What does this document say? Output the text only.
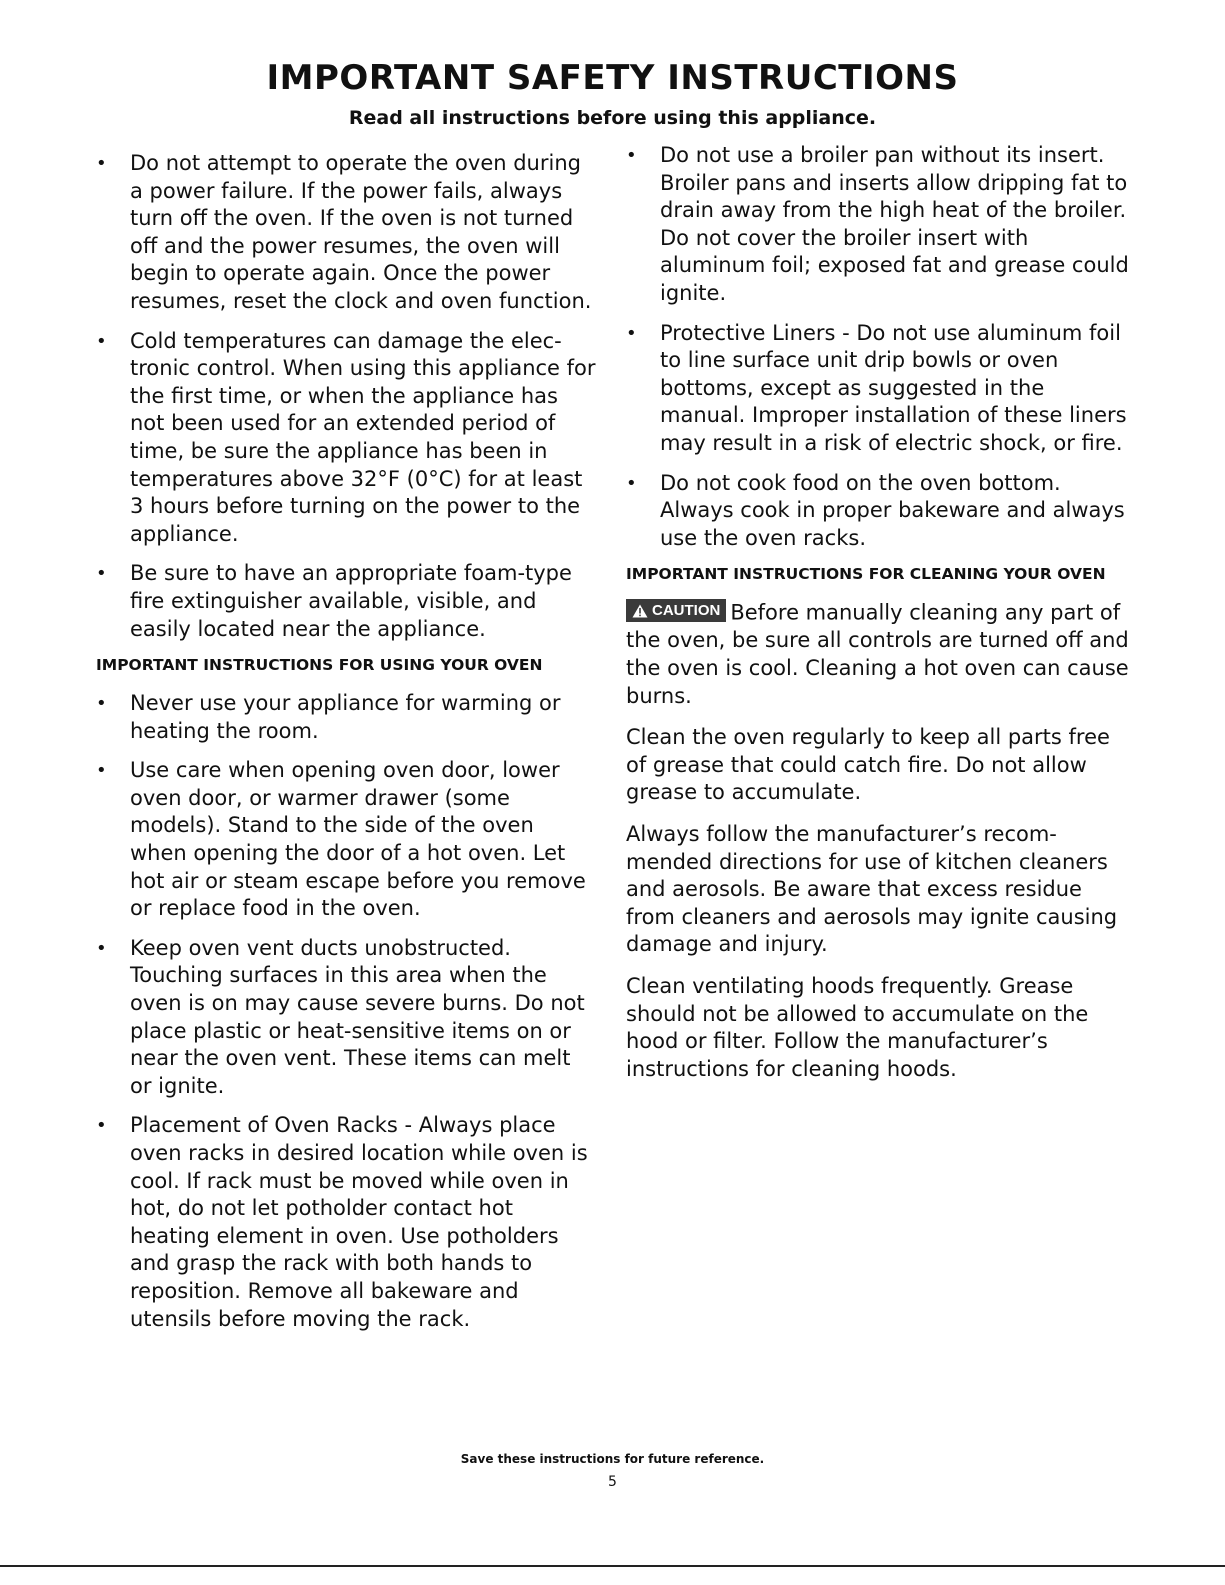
IMPORTANT SAFETY INSTRUCTIONS
Read all instructions before using this appliance.
• Do not attempt to operate the oven during a power failure. If the power fails, always turn off the oven. If the oven is not turned off and the power resumes, the oven will begin to operate again. Once the power resumes, reset the clock and oven function.
• Cold temperatures can damage the elec-tronic control. When using this appliance for the first time, or when the appliance has not been used for an extended period of time, be sure the appliance has been in temperatures above 32°F (0°C) for at least 3 hours before turning on the power to the appliance.
• Be sure to have an appropriate foam-type fire extinguisher available, visible, and easily located near the appliance.
IMPORTANT INSTRUCTIONS FOR USING YOUR OVEN
• Never use your appliance for warming or heating the room.
• Use care when opening oven door, lower oven door, or warmer drawer (some models). Stand to the side of the oven when opening the door of a hot oven. Let hot air or steam escape before you remove or replace food in the oven.
• Keep oven vent ducts unobstructed. Touching surfaces in this area when the oven is on may cause severe burns. Do not place plastic or heat-sensitive items on or near the oven vent. These items can melt or ignite.
• Placement of Oven Racks - Always place oven racks in desired location while oven is cool. If rack must be moved while oven in hot, do not let potholder contact hot heating element in oven. Use potholders and grasp the rack with both hands to reposition. Remove all bakeware and utensils before moving the rack.
• Do not use a broiler pan without its insert. Broiler pans and inserts allow dripping fat to drain away from the high heat of the broiler. Do not cover the broiler insert with aluminum foil; exposed fat and grease could ignite.
• Protective Liners - Do not use aluminum foil to line surface unit drip bowls or oven bottoms, except as suggested in the manual. Improper installation of these liners may result in a risk of electric shock, or fire.
• Do not cook food on the oven bottom. Always cook in proper bakeware and always use the oven racks.
IMPORTANT INSTRUCTIONS FOR CLEANING YOUR OVEN

CAUTION Before manually cleaning any part of the oven, be sure all controls are turned off and the oven is cool. Cleaning a hot oven can cause burns.

Clean the oven regularly to keep all parts free of grease that could catch fire. Do not allow grease to accumulate.

Always follow the manufacturer’s recom-mended directions for use of kitchen cleaners and aerosols. Be aware that excess residue from cleaners and aerosols may ignite causing damage and injury.

Clean ventilating hoods frequently. Grease should not be allowed to accumulate on the hood or filter. Follow the manufacturer’s instructions for cleaning hoods.

Save these instructions for future reference.
5
